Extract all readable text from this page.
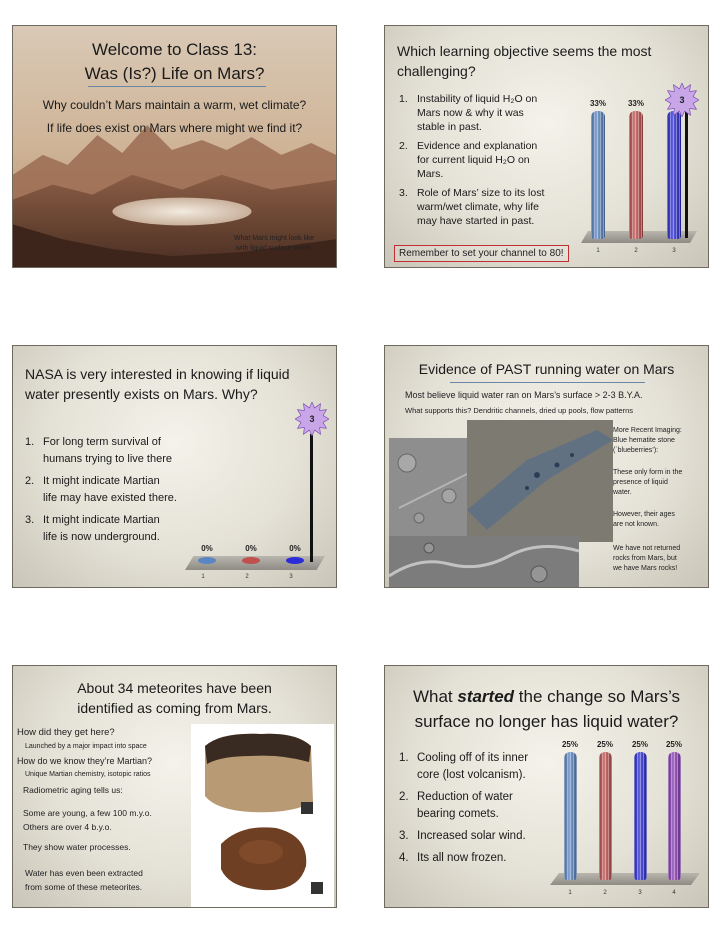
Welcome to Class 13:
Was (Is?) Life on Mars?
Why couldn’t Mars maintain a warm, wet climate?
If life does exist on Mars where might we find it?
What Mars might look like
with liquid surface water.
Which learning objective seems the most
challenging?
1. Instability of liquid H₂O on
Mars now & why it was
stable in past.
2. Evidence and explanation
for current liquid H₂O on
Mars.
3. Role of Mars’ size to its lost
warm/wet climate, why life
may have started in past.
Remember to set your channel to 80!
33%	33%
1	2	3
3
NASA is very interested in knowing if liquid
water presently exists on Mars. Why?
1. For long term survival of
humans trying to live there
2. It might indicate Martian
life may have existed there.
3. It might indicate Martian
life is now underground.
0%	0%	0%
1	2	3
3
Evidence of PAST running water on Mars
Most believe liquid water ran on Mars’s surface > 2-3 B.Y.A.
What supports this? Dendritic channels, dried up pools, flow patterns
More Recent Imaging:
Blue hematite stone
(`blueberries’):
These only form in the
presence of liquid
water.
However, their ages
are not known.
We have not returned
rocks from Mars, but
we have Mars rocks!
About 34 meteorites have been
identified as coming from Mars.
How did they get here?
Launched by a major impact into space
How do we know they’re Martian?
Unique Martian chemistry, isotopic ratios
Radiometric aging tells us:
Some are young, a few 100 m.y.o.
Others are over 4 b.y.o.
They show water processes.
Water has even been extracted
from some of these meteorites.
What started the change so Mars’s
surface no longer has liquid water?
1. Cooling off of its inner
core (lost volcanism).
2. Reduction of water
bearing comets.
3. Increased solar wind.
4. Its all now frozen.
25%	25%	25%	25%
1	2	3	4
